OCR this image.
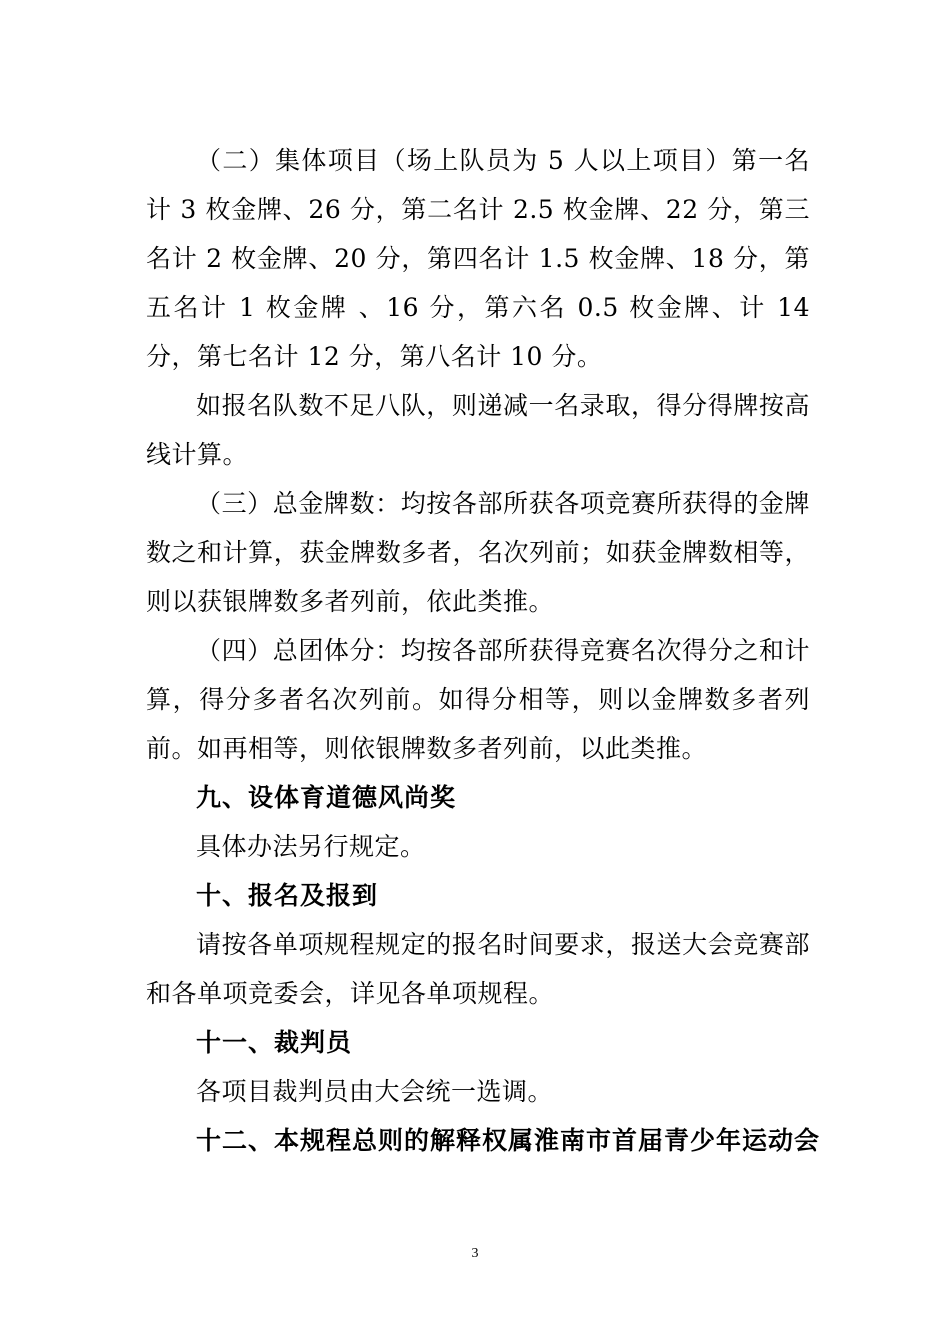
（二）集体项目（场上队员为 5 人以上项目）第一名计 3 枚金牌、26 分，第二名计 2.5 枚金牌、22 分，第三名计 2 枚金牌、20 分，第四名计 1.5 枚金牌、18 分，第五名计 1 枚金牌 、16 分，第六名 0.5 枚金牌、计 14 分，第七名计 12 分，第八名计 10 分。

如报名队数不足八队，则递减一名录取，得分得牌按高线计算。

（三）总金牌数：均按各部所获各项竞赛所获得的金牌数之和计算，获金牌数多者，名次列前；如获金牌数相等，则以获银牌数多者列前，依此类推。

（四）总团体分：均按各部所获得竞赛名次得分之和计算，得分多者名次列前。如得分相等，则以金牌数多者列前。如再相等，则依银牌数多者列前，以此类推。

九、设体育道德风尚奖

具体办法另行规定。

十、报名及报到

请按各单项规程规定的报名时间要求，报送大会竞赛部和各单项竞委会，详见各单项规程。

十一、裁判员

各项目裁判员由大会统一选调。

十二、本规程总则的解释权属淮南市首届青少年运动会

3
